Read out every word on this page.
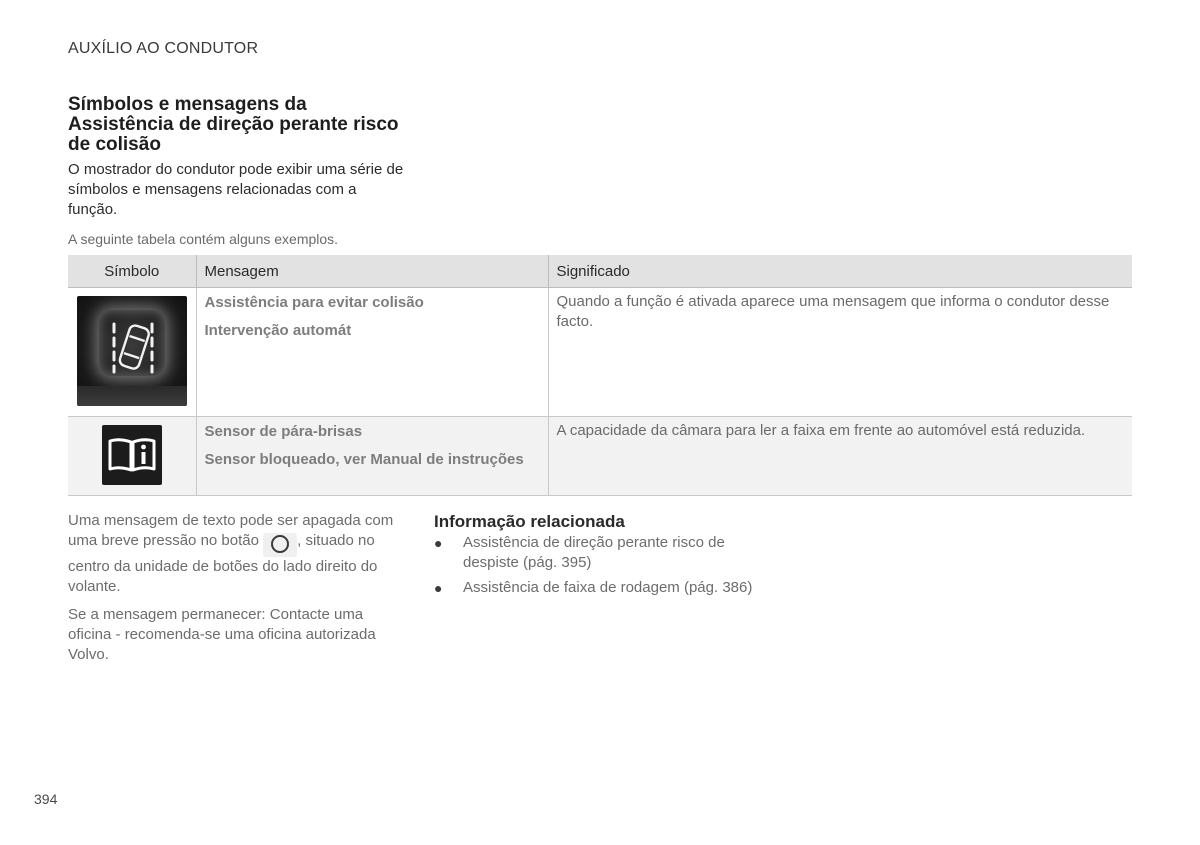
AUXÍLIO AO CONDUTOR
Símbolos e mensagens da Assistência de direção perante risco de colisão
O mostrador do condutor pode exibir uma série de símbolos e mensagens relacionadas com a função.
A seguinte tabela contém alguns exemplos.
Símbolo	Mensagem	Significado

Assistência para evitar colisão
Intervenção automát	Quando a função é ativada aparece uma mensagem que informa o condutor desse facto.

Sensor de pára-brisas
Sensor bloqueado, ver Manual de instruções	A capacidade da câmara para ler a faixa em frente ao automóvel está reduzida.

Uma mensagem de texto pode ser apagada com uma breve pressão no botão	, situado no centro da unidade de botões do lado direito do volante.

Se a mensagem permanecer: Contacte uma oficina - recomenda-se uma oficina autorizada Volvo.

Informação relacionada
● Assistência de direção perante risco de despiste (pág. 395)
● Assistência de faixa de rodagem (pág. 386)
394
